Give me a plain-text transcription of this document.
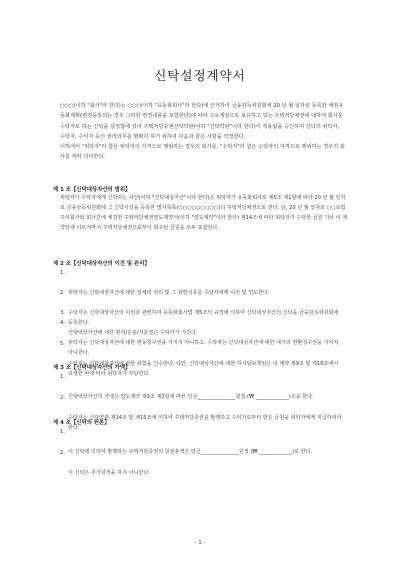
신탁설정계약서
○○○(이하 "회사"라 한다)는 ○○○(이하 "유동화회사"라 한다)에 근거하여 금융감독위원회에 20 년 월 일자로 등록한 채권유동화계획(변경등록되는 경우 그러한 변경내용을 포함한다)에 따라 고유계정으로 보유하고 있는 주택저당채권에 대하여 회사를 수탁자로 하는 신탁을 설정함에 있어 주택저당증권신탁약관(이하 "신탁약관"이라 한다)이 적용됨을 승인하며 신탁의 위탁자, 수탁자, 수익자 등의 권리의무를 명확히 하기 위하여 다음과 같은 사항을 약정한다.
이하에서 "위탁자"라 함은 위탁자의 자격으로 행위하는 경우의 회사를, "수탁자"라 함은 수탁자의 자격으로 행위하는 경우의 회사를 각각 의미한다.
제 1 조【신탁대상자산의 범위】
위탁자가 수탁자에게 신탁하는 자산(이하 "신탁대상자산"이라 한다)은 위탁자가 유동화회사로 제5조 제1항에 따라 20 년 월 일자로 금융감독위원회에 그 신탁사실을 등록한 별지목록(○○○○○○○○○)의 주택저당채권으로 한다. 단, 20 년 월 일자로 ○○보험주식회사와 회사간에 체결된 주택저당채권양도계약서(이하 "양도계약"이라 한다) 제14조에 따라 위탁자가 수탁한 금원 기타 이 계약일에 이르기까지 주택저당채권으로부터 회수된 금원을 모두 포함한다.
제 2 조【신탁대상자산의 이전 및 관리】

1.

위탁자는 신탁대상자산에 대한 일체의 권리 및 그 관련서류를 수탁자에게 이전 및 인도한다.

2.

수탁자는 신탁대상자산의 이전과 관련하여 유동화회사법 제5조의 규정에 의하여 신탁대상자산의 신탁을 금융감독위원회에 등록한다.

3.

신탁대상자산에 대한 관리/운용/처분권은 수탁자가 가진다.

4.

위탁자는 신탁대상자산에 대한 변동청구권을 가지지 아니하고, 수탁자는 신탁대상자산에 대한 대가의 반환청구권을 가지지 아니한다.

5.

수탁자는 신탁대상자산에 관한 위험을 인수한다. 다만, 신탁대상자산에 대한 하자담보책임은 이 계약 제9조 및 제10조에서 규정한 바에 따라 위탁자가 부담한다.

제 3 조【신탁대상자산의 가액】

1.

신탁대상자산의 가액은 양도계약 제3조 제2항에 따른 일금_______________원정 (₩ _____________)으로 한다.

2.

수탁자는 신탁약관 제14조 및 제15조에 의하여 주택저당증권을 발행하고 수익자로부터 받은 금원을 위탁자에게 지급하여야 한다.

제 4 조【신탁의 원본】

1.

이 신탁에 의하여 발행하는 주택저당증권의 원본총액은 일금_______________원정 (₩ _____________)로 한다.

2.

이 신탁은 추가설정을 하지 아니한다.

- 1 -
